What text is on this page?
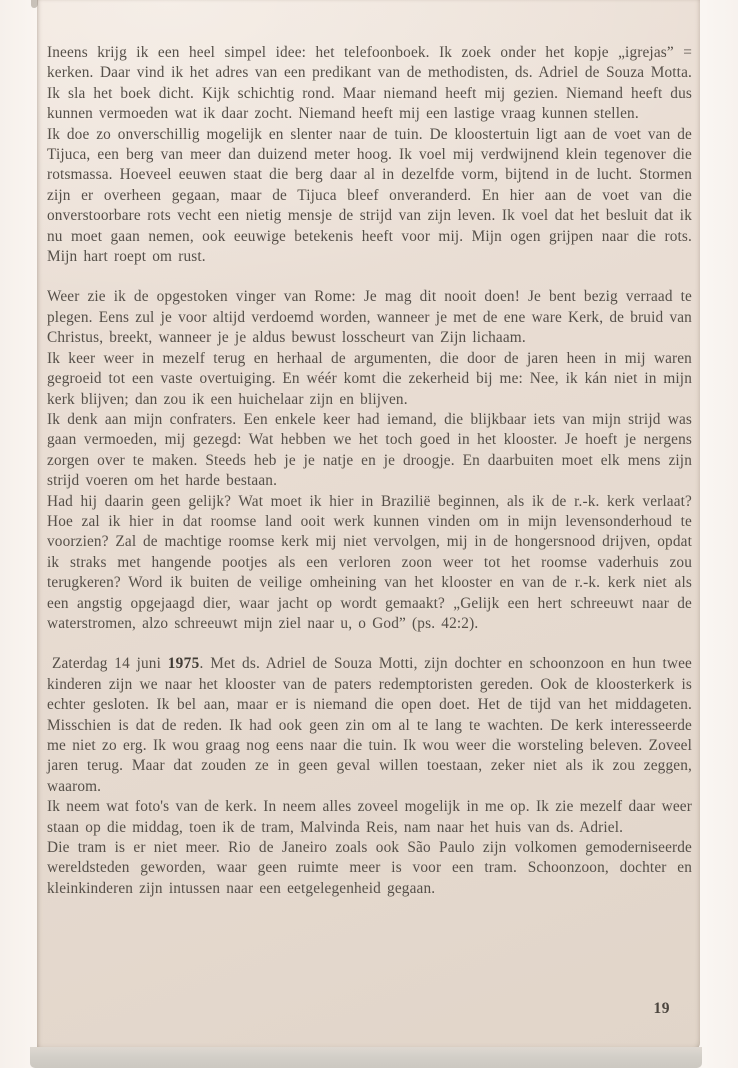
Ineens krijg ik een heel simpel idee: het telefoonboek. Ik zoek onder het kopje „igrejas” = kerken. Daar vind ik het adres van een predikant van de methodisten, ds. Adriel de Souza Motta. Ik sla het boek dicht. Kijk schichtig rond. Maar niemand heeft mij gezien. Niemand heeft dus kunnen vermoeden wat ik daar zocht. Niemand heeft mij een lastige vraag kunnen stellen.

Ik doe zo onverschillig mogelijk en slenter naar de tuin. De kloostertuin ligt aan de voet van de Tijuca, een berg van meer dan duizend meter hoog. Ik voel mij verdwijnend klein tegenover die rotsmassa. Hoeveel eeuwen staat die berg daar al in dezelfde vorm, bijtend in de lucht. Stormen zijn er overheen gegaan, maar de Tijuca bleef onveranderd. En hier aan de voet van die onverstoorbare rots vecht een nietig mensje de strijd van zijn leven. Ik voel dat het besluit dat ik nu moet gaan nemen, ook eeuwige betekenis heeft voor mij. Mijn ogen grijpen naar die rots. Mijn hart roept om rust.

Weer zie ik de opgestoken vinger van Rome: Je mag dit nooit doen! Je bent bezig verraad te plegen. Eens zul je voor altijd verdoemd worden, wanneer je met de ene ware Kerk, de bruid van Christus, breekt, wanneer je je aldus bewust losscheurt van Zijn lichaam.

Ik keer weer in mezelf terug en herhaal de argumenten, die door de jaren heen in mij waren gegroeid tot een vaste overtuiging. En wéér komt die zekerheid bij me: Nee, ik kán niet in mijn kerk blijven; dan zou ik een huichelaar zijn en blijven.

Ik denk aan mijn confraters. Een enkele keer had iemand, die blijkbaar iets van mijn strijd was gaan vermoeden, mij gezegd: Wat hebben we het toch goed in het klooster. Je hoeft je nergens zorgen over te maken. Steeds heb je je natje en je droogje. En daarbuiten moet elk mens zijn strijd voeren om het harde bestaan.

Had hij daarin geen gelijk? Wat moet ik hier in Brazilië beginnen, als ik de r.-k. kerk verlaat? Hoe zal ik hier in dat roomse land ooit werk kunnen vinden om in mijn levensonderhoud te voorzien? Zal de machtige roomse kerk mij niet vervolgen, mij in de hongersnood drijven, opdat ik straks met hangende pootjes als een verloren zoon weer tot het roomse vaderhuis zou terugkeren? Word ik buiten de veilige omheining van het klooster en van de r.-k. kerk niet als een angstig opgejaagd dier, waar jacht op wordt gemaakt? „Gelijk een hert schreeuwt naar de waterstromen, alzo schreeuwt mijn ziel naar u, o God” (ps. 42:2).

Zaterdag 14 juni 1975. Met ds. Adriel de Souza Motti, zijn dochter en schoonzoon en hun twee kinderen zijn we naar het klooster van de paters redemptoristen gereden. Ook de kloosterkerk is echter gesloten. Ik bel aan, maar er is niemand die open doet. Het de tijd van het middageten. Misschien is dat de reden. Ik had ook geen zin om al te lang te wachten. De kerk interesseerde me niet zo erg. Ik wou graag nog eens naar die tuin. Ik wou weer die worsteling beleven. Zoveel jaren terug. Maar dat zouden ze in geen geval willen toestaan, zeker niet als ik zou zeggen, waarom.

Ik neem wat foto's van de kerk. In neem alles zoveel mogelijk in me op. Ik zie mezelf daar weer staan op die middag, toen ik de tram, Malvinda Reis, nam naar het huis van ds. Adriel.

Die tram is er niet meer. Rio de Janeiro zoals ook São Paulo zijn volkomen gemoderniseerde wereldsteden geworden, waar geen ruimte meer is voor een tram. Schoonzoon, dochter en kleinkinderen zijn intussen naar een eetgelegenheid gegaan.

19
